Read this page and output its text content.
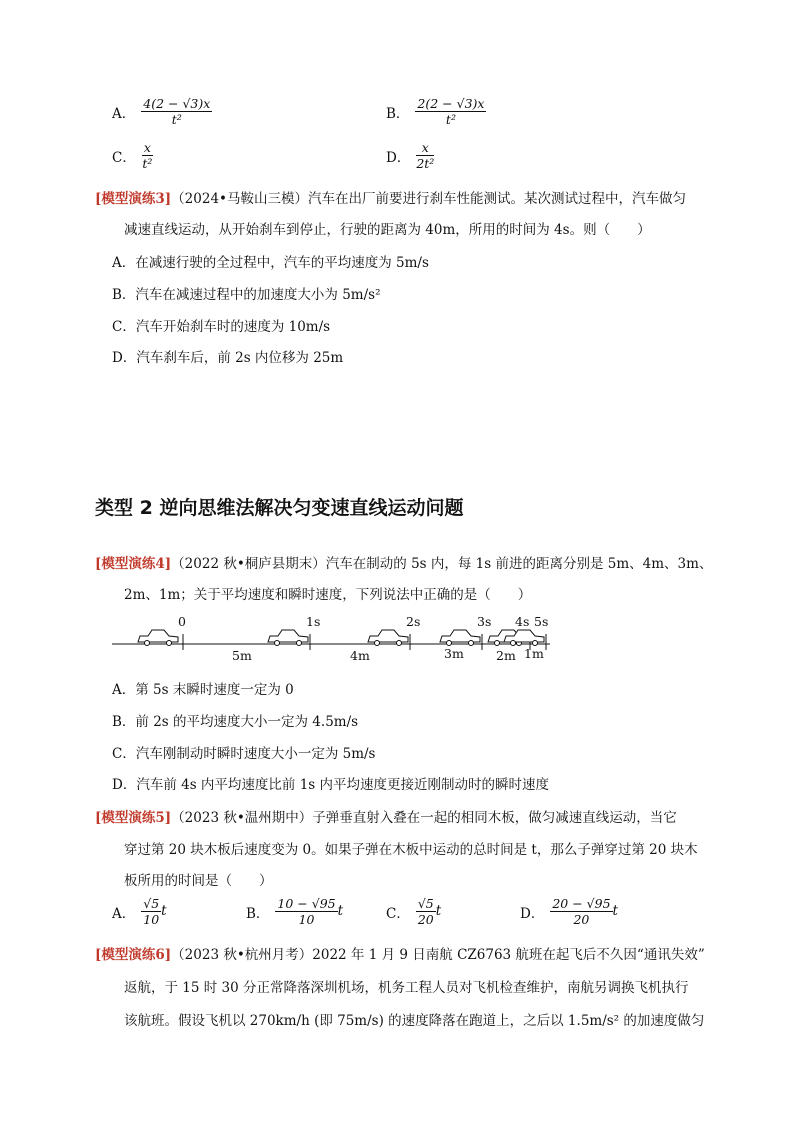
A． $\frac{4(2 - √3)x}{\text{t²}}$	B． $\frac{2(2 - √3)x}{\text{t²}}$
C． $\frac{x}{\text{t²}}$	D． $\frac{x}{\text{2t²}}$
[模型演练3]（2024•马鞍山三模）汽车在出厂前要进行刹车性能测试。某次测试过程中，汽车做匀
减速直线运动，从开始刹车到停止，行驶的距离为 40m，所用的时间为 4s。则（　　）
A．在减速行驶的全过程中，汽车的平均速度为 5m/s
B．汽车在减速过程中的加速度大小为 5m/s²
C．汽车开始刹车时的速度为 10m/s
D．汽车刹车后，前 2s 内位移为 25m
类型 2 逆向思维法解决匀变速直线运动问题
[模型演练4]（2022 秋•桐庐县期末）汽车在制动的 5s 内，每 1s 前进的距离分别是 5m、4m、3m、
2m、1m；关于平均速度和瞬时速度，下列说法中正确的是（　　）
0	1s	2s	3s 4s 5s
5m	4m	3m	2m 1m
A．第 5s 末瞬时速度一定为 0
B．前 2s 的平均速度大小一定为 4.5m/s
C．汽车刚制动时瞬时速度大小一定为 5m/s
D．汽车前 4s 内平均速度比前 1s 内平均速度更接近刚制动时的瞬时速度
[模型演练5]（2023 秋•温州期中）子弹垂直射入叠在一起的相同木板，做匀减速直线运动，当它
穿过第 20 块木板后速度变为 0。如果子弹在木板中运动的总时间是 t，那么子弹穿过第 20 块木
板所用的时间是（　　）
A． $\frac{√5}{10}$ t	B． $\frac{10 - √95}{10}$ t	C． $\frac{√5}{20}$ t	D． $\frac{20 - √95}{20}$ t
[模型演练6]（2023 秋•杭州月考）2022 年 1 月 9 日南航 CZ6763 航班在起飞后不久因“通讯失效”
返航，于 15 时 30 分正常降落深圳机场，机务工程人员对飞机检查维护，南航另调换飞机执行
该航班。假设飞机以 270km/h (即 75m/s) 的速度降落在跑道上，之后以 1.5m/s² 的加速度做匀
